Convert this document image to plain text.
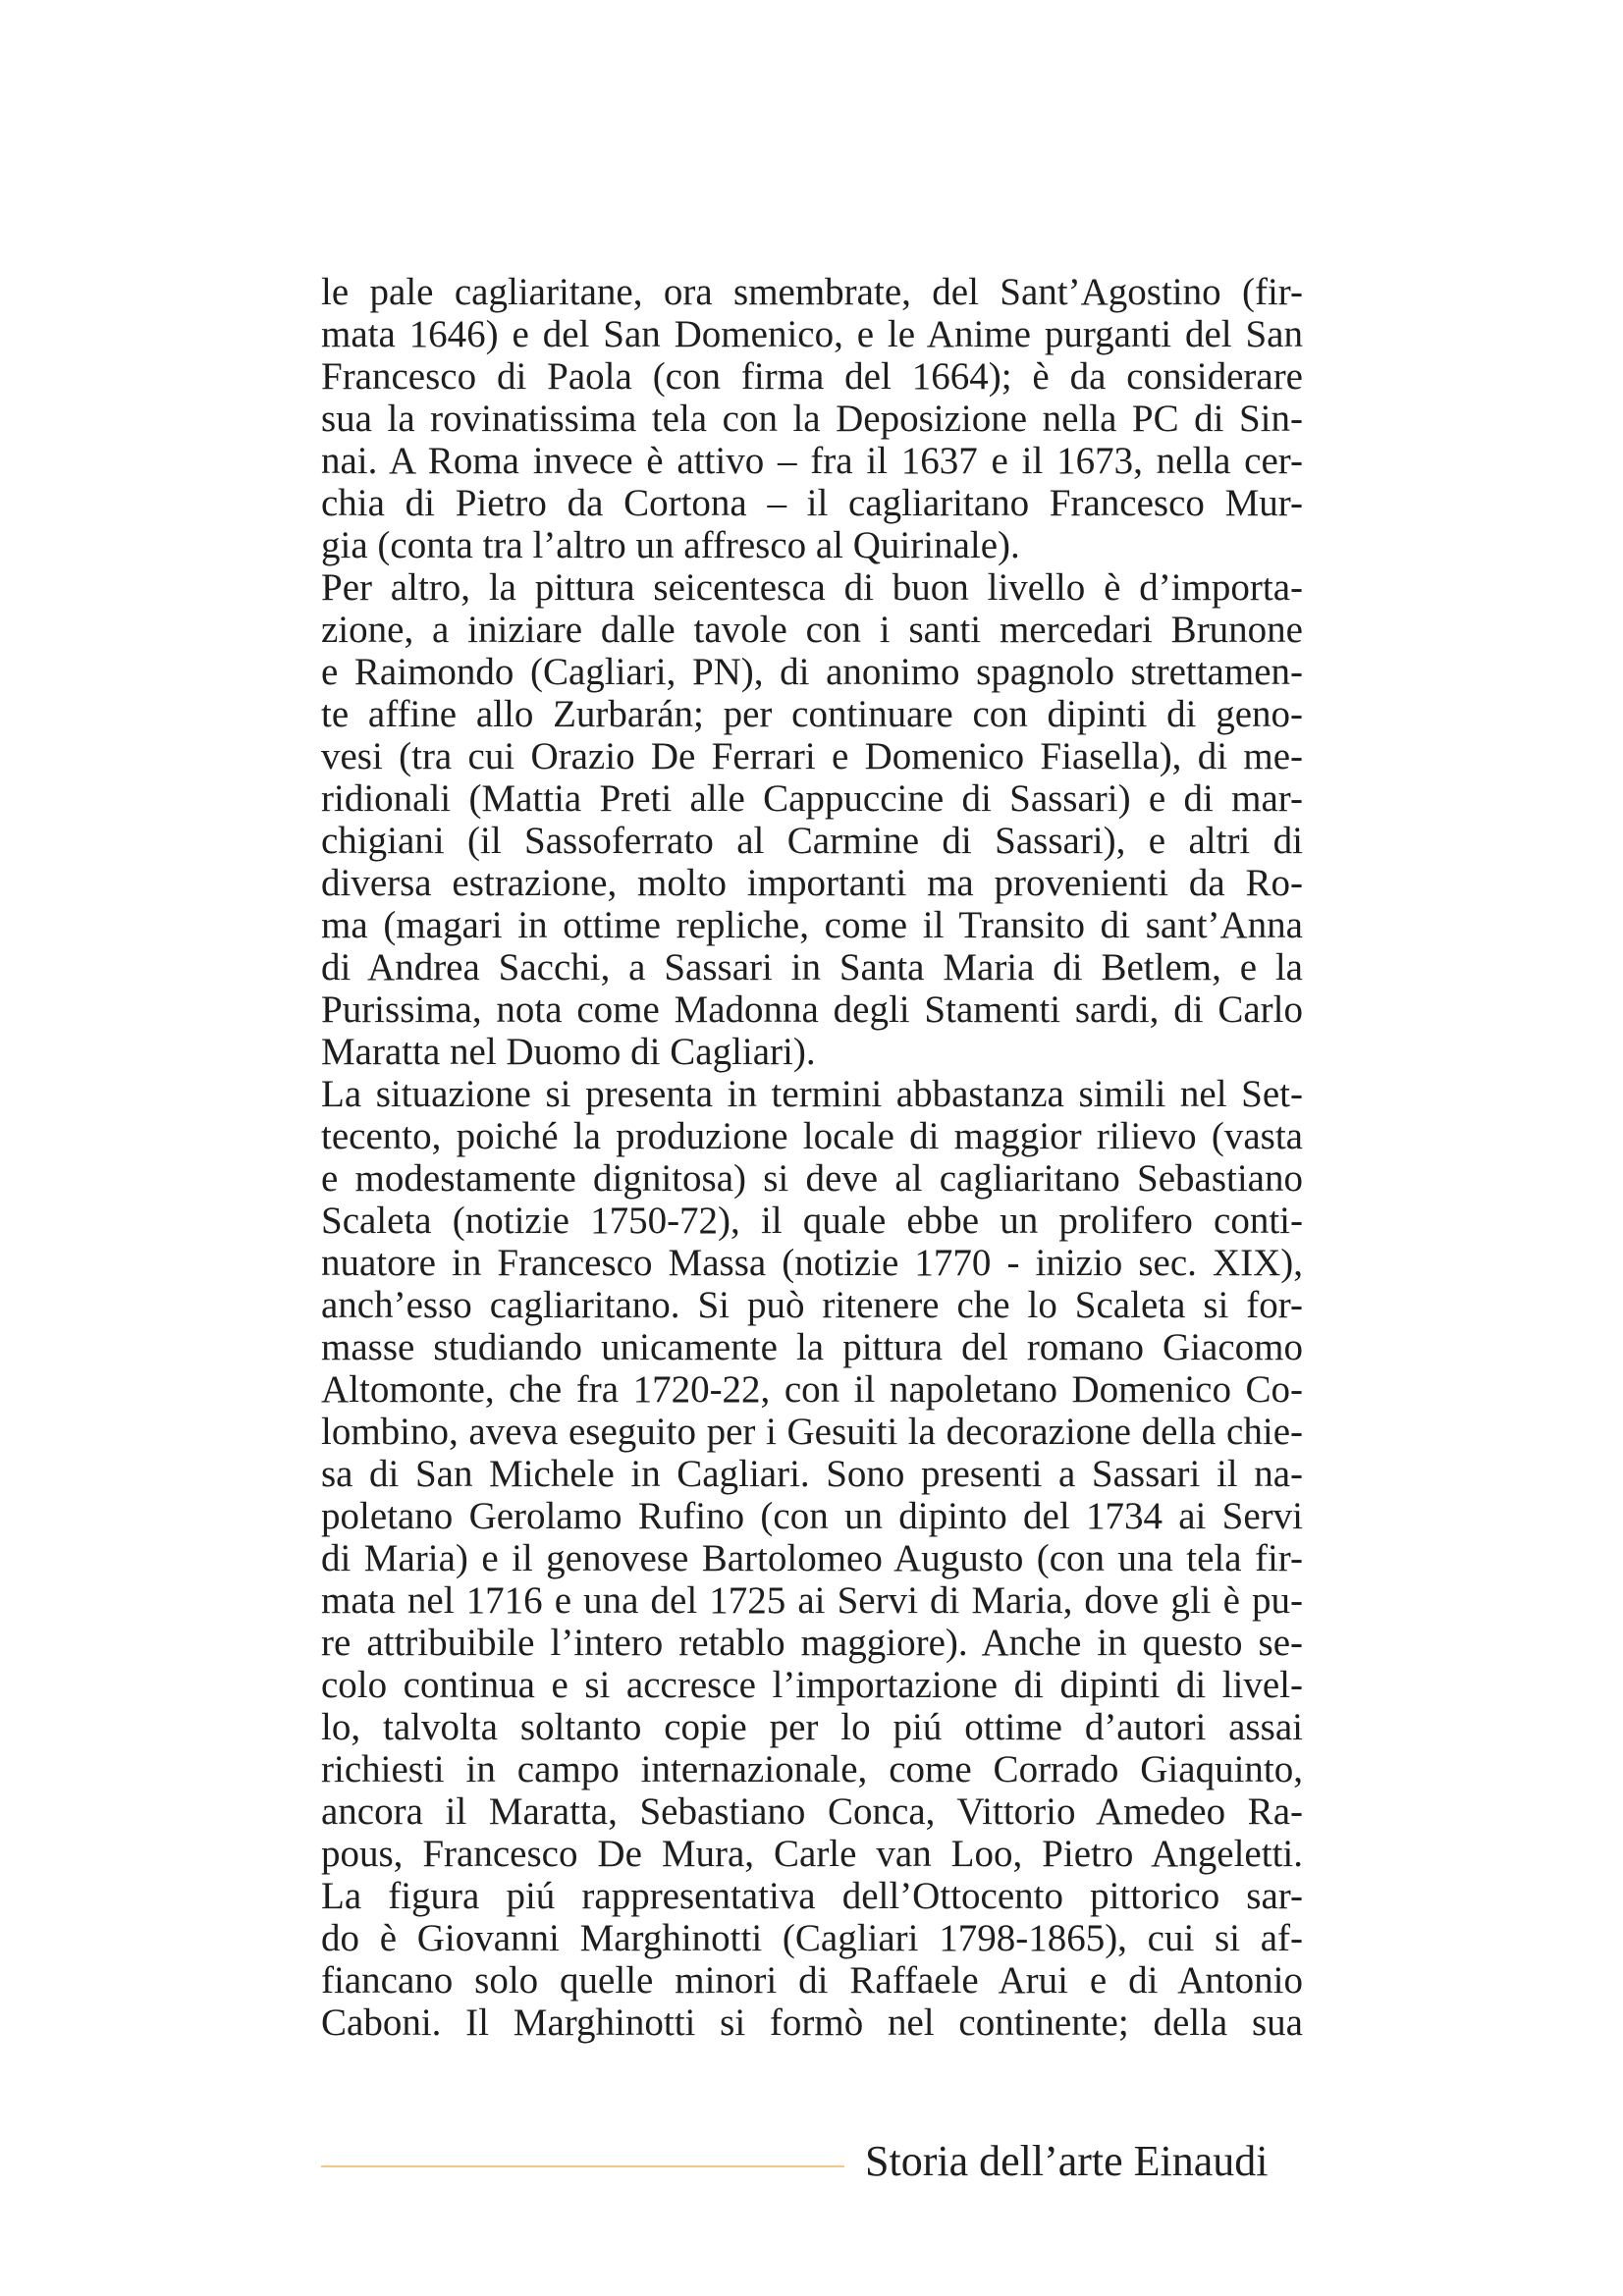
le pale cagliaritane, ora smembrate, del Sant’Agostino (fir-
mata 1646) e del San Domenico, e le Anime purganti del San
Francesco di Paola (con firma del 1664); è da considerare
sua la rovinatissima tela con la Deposizione nella PC di Sin-
nai. A Roma invece è attivo – fra il 1637 e il 1673, nella cer-
chia di Pietro da Cortona – il cagliaritano Francesco Mur-
gia (conta tra l’altro un affresco al Quirinale).
Per altro, la pittura seicentesca di buon livello è d’importa-
zione, a iniziare dalle tavole con i santi mercedari Brunone
e Raimondo (Cagliari, PN), di anonimo spagnolo strettamen-
te affine allo Zurbarán; per continuare con dipinti di geno-
vesi (tra cui Orazio De Ferrari e Domenico Fiasella), di me-
ridionali (Mattia Preti alle Cappuccine di Sassari) e di mar-
chigiani (il Sassoferrato al Carmine di Sassari), e altri di
diversa estrazione, molto importanti ma provenienti da Ro-
ma (magari in ottime repliche, come il Transito di sant’Anna
di Andrea Sacchi, a Sassari in Santa Maria di Betlem, e la
Purissima, nota come Madonna degli Stamenti sardi, di Carlo
Maratta nel Duomo di Cagliari).
La situazione si presenta in termini abbastanza simili nel Set-
tecento, poiché la produzione locale di maggior rilievo (vasta
e modestamente dignitosa) si deve al cagliaritano Sebastiano
Scaleta (notizie 1750-72), il quale ebbe un prolifero conti-
nuatore in Francesco Massa (notizie 1770 - inizio sec. XIX),
anch’esso cagliaritano. Si può ritenere che lo Scaleta si for-
masse studiando unicamente la pittura del romano Giacomo
Altomonte, che fra 1720-22, con il napoletano Domenico Co-
lombino, aveva eseguito per i Gesuiti la decorazione della chie-
sa di San Michele in Cagliari. Sono presenti a Sassari il na-
poletano Gerolamo Rufino (con un dipinto del 1734 ai Servi
di Maria) e il genovese Bartolomeo Augusto (con una tela fir-
mata nel 1716 e una del 1725 ai Servi di Maria, dove gli è pu-
re attribuibile l’intero retablo maggiore). Anche in questo se-
colo continua e si accresce l’importazione di dipinti di livel-
lo, talvolta soltanto copie per lo piú ottime d’autori assai
richiesti in campo internazionale, come Corrado Giaquinto,
ancora il Maratta, Sebastiano Conca, Vittorio Amedeo Ra-
pous, Francesco De Mura, Carle van Loo, Pietro Angeletti.
La figura piú rappresentativa dell’Ottocento pittorico sar-
do è Giovanni Marghinotti (Cagliari 1798-1865), cui si af-
fiancano solo quelle minori di Raffaele Arui e di Antonio
Caboni. Il Marghinotti si formò nel continente; della sua
Storia dell’arte Einaudi
